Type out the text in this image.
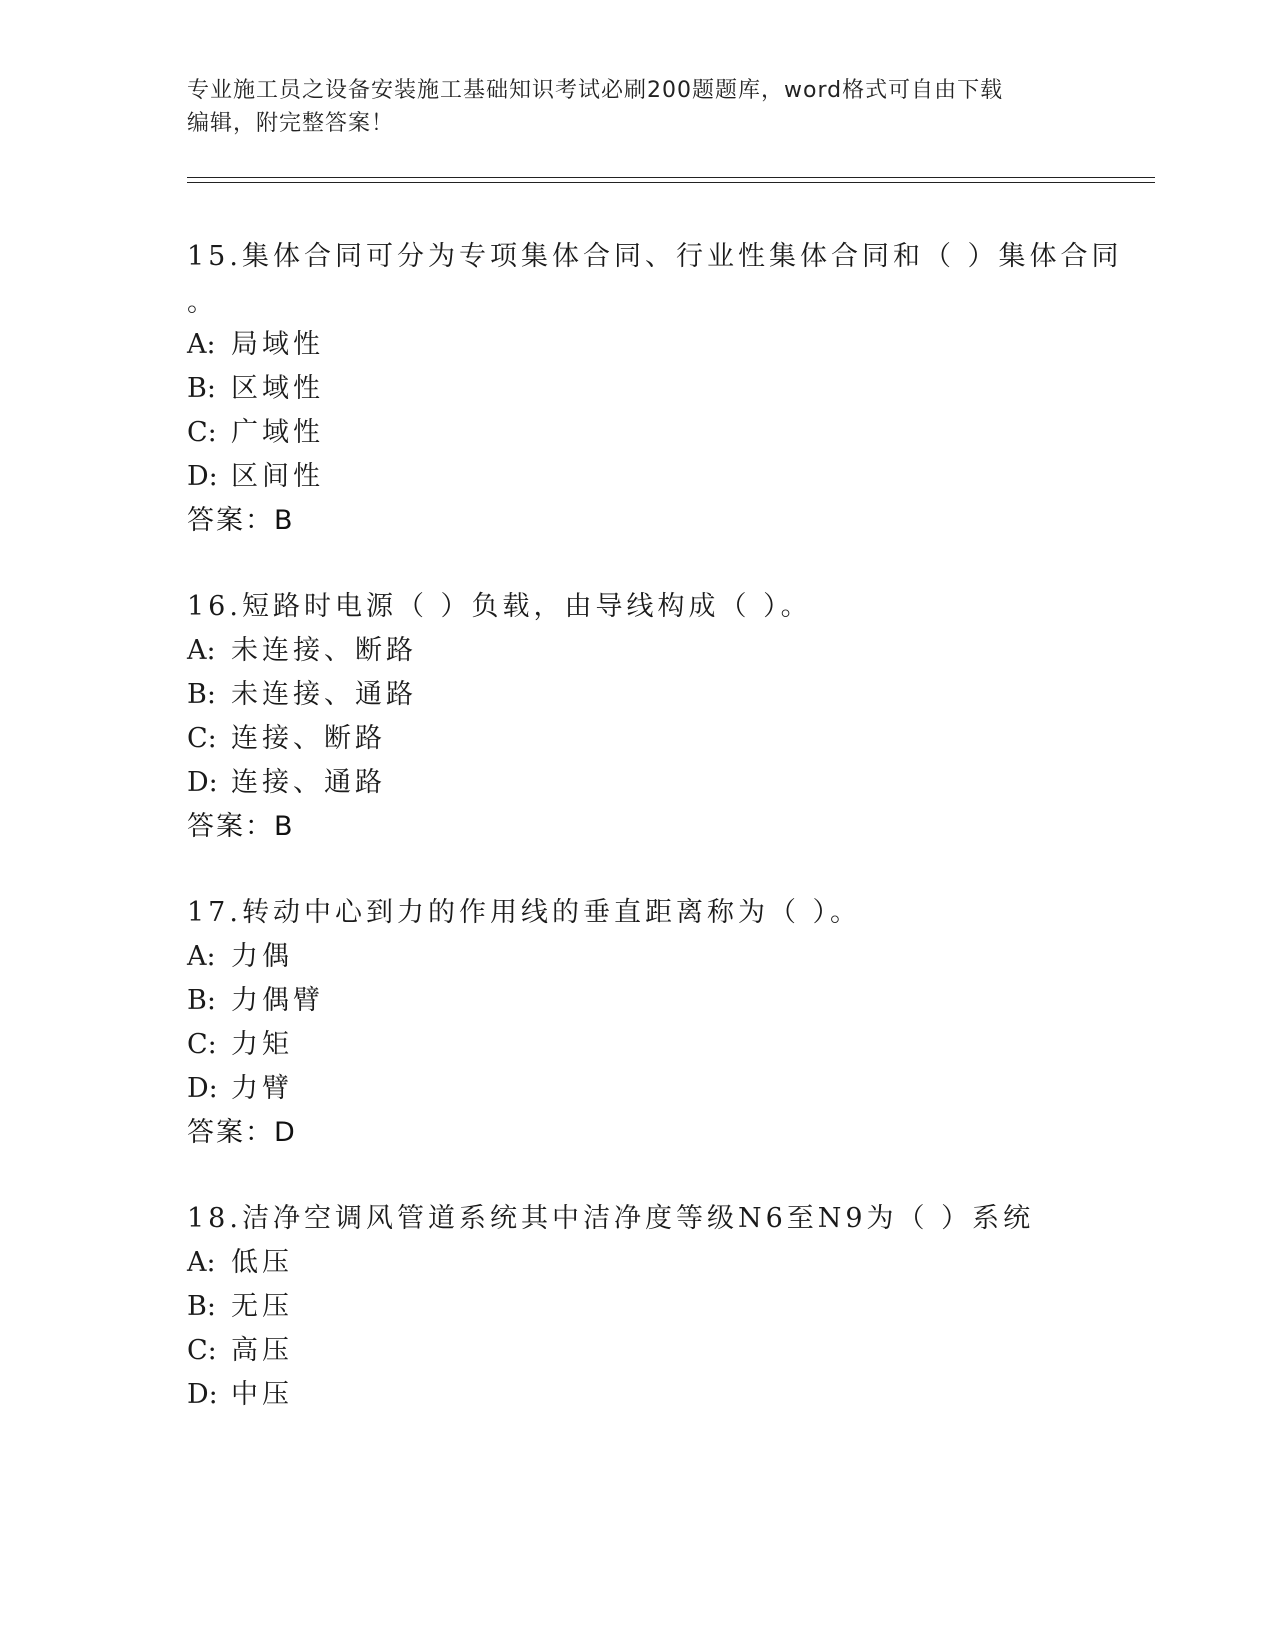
专业施工员之设备安装施工基础知识考试必刷200题题库，word格式可自由下载
编辑，附完整答案！
15.集体合同可分为专项集体合同、行业性集体合同和（ ）集体合同
。
A: 局域性
B: 区域性
C: 广域性
D: 区间性
答案：B
16.短路时电源（ ）负载，由导线构成（ ）。
A: 未连接、断路
B: 未连接、通路
C: 连接、断路
D: 连接、通路
答案：B
17.转动中心到力的作用线的垂直距离称为（ ）。
A: 力偶
B: 力偶臂
C: 力矩
D: 力臂
答案：D
18.洁净空调风管道系统其中洁净度等级N6至N9为（ ）系统
A: 低压
B: 无压
C: 高压
D: 中压
